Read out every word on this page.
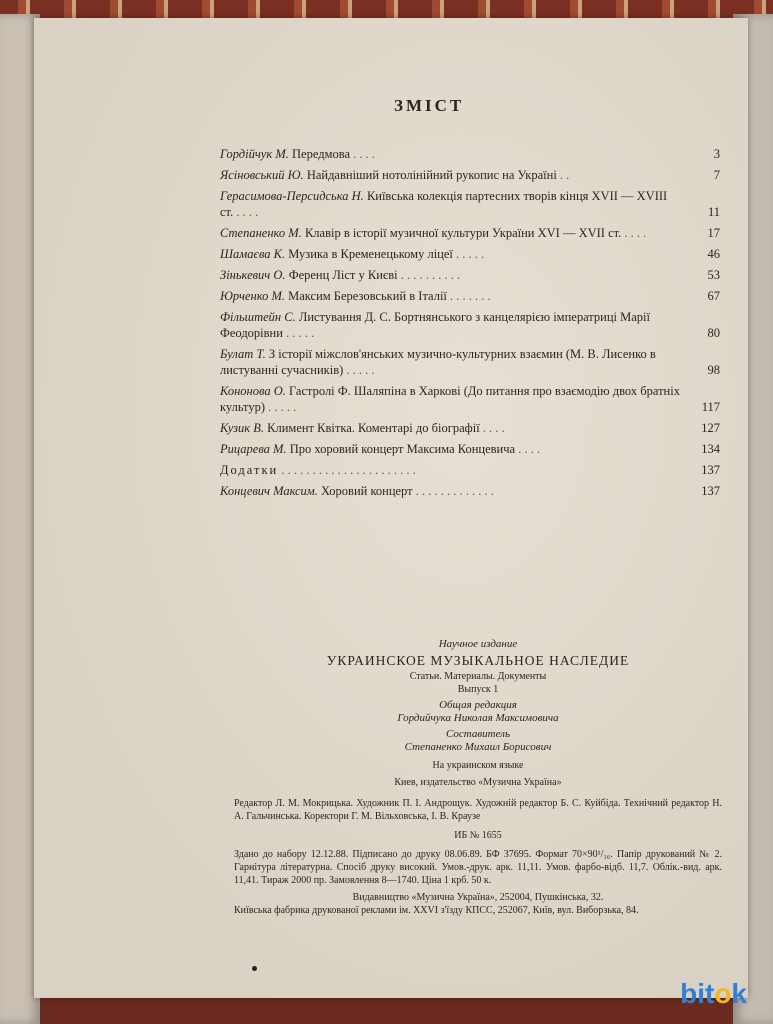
ЗМІСТ
Гордійчук М. Передмова . . . .	3
Ясіновський Ю. Найдавніший нотолінійний рукопис на Україні . .	7
Герасимова-Персидська Н. Київська колекція партесних творів кінця XVII — XVIII ст. . . . .	11
Степаненко М. Клавір в історії музичної культури України XVI — XVII ст. . . . .	17
Шамаєва К. Музика в Кременецькому ліцеї . . . . .	46
Зінькевич О. Ференц Ліст у Києві . . . . . . . . . .	53
Юрченко М. Максим Березовський в Італії . . . . . . .	67
Фільштейн С. Листування Д. С. Бортнянського з канцелярією імператриці Марії Феодорівни . . . . .	80
Булат Т. З історії міжслов'янських музично-культурних взаємин (М. В. Лисенко в листуванні сучасників) . . . . .	98
Кононова О. Гастролі Ф. Шаляпіна в Харкові (До питання про взаємодію двох братніх культур) . . . . .	117
Кузик В. Климент Квітка. Коментарі до біографії . . . .	127
Рицарева М. Про хоровий концерт Максима Концевича . . . .	134
Додатки . . . . . . . . . . . . . . . . . . . . . .	137
Концевич Максим. Хоровий концерт . . . . . . . . . . . . .	137
Научное издание
УКРАИНСКОЕ МУЗЫКАЛЬНОЕ НАСЛЕДИЕ
Статьи. Материалы. Документы
Выпуск 1
Общая редакция
Гордийчука Николая Максимовича
Составитель
Степаненко Михаил Борисович
На украинском языке
Киев, издательство «Музична Україна»
Редактор Л. М. Мокрицька. Художник П. І. Андрощук. Художній редактор Б. С. Куйбіда. Технічний редактор Н. А. Гальчинська. Коректори Г. М. Вільховська, І. В. Краузе
ИБ № 1655
Здано до набору 12.12.88. Підписано до друку 08.06.89. БФ 37695. Формат 70×90¹/₁₆. Папір друкований № 2. Гарнітура літературна. Спосіб друку високий. Умов.-друк. арк. 11,11. Умов. фарбо-відб. 11,7. Облік.-вид. арк. 11,41. Тираж 2000 пр. Замовлення 8—1740. Ціна 1 крб. 50 к.
Видавництво «Музична Україна», 252004, Пушкінська, 32.
Київська фабрика друкованої реклами ім. XXVI з'їзду КПСС, 252067, Київ, вул. Виборзька, 84.
bitok
